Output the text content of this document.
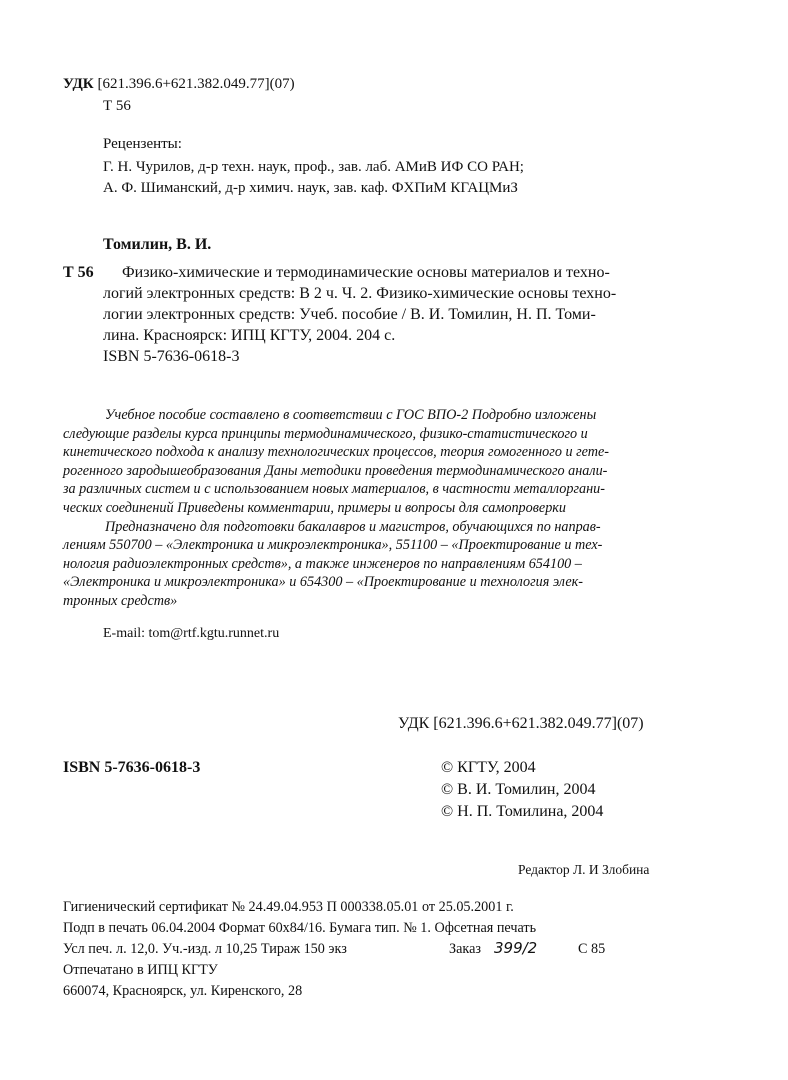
УДК [621.396.6+621.382.049.77](07)
Т 56
Рецензенты:
Г. Н. Чурилов, д-р техн. наук, проф., зав. лаб. АМиВ ИФ СО РАН;
А. Ф. Шиманский, д-р химич. наук, зав. каф. ФХПиМ КГАЦМиЗ
Томилин, В. И.
Т 56 Физико-химические и термодинамические основы материалов и техно-
логий электронных средств: В 2 ч. Ч. 2. Физико-химические основы техно-
логии электронных средств: Учеб. пособие / В. И. Томилин, Н. П. Томи-
лина. Красноярск: ИПЦ КГТУ, 2004. 204 с.
ISBN 5-7636-0618-3
Учебное пособие составлено в соответствии с ГОС ВПО-2 Подробно изложены
следующие разделы курса принципы термодинамического, физико-статистического и
кинетического подхода к анализу технологических процессов, теория гомогенного и гете-
рогенного зародышеобразования Даны методики проведения термодинамического анали-
за различных систем и с использованием новых материалов, в частности металлоргани-
ческих соединений Приведены комментарии, примеры и вопросы для самопроверки
Предназначено для подготовки бакалавров и магистров, обучающихся по направ-
лениям 550700 – «Электроника и микроэлектроника», 551100 – «Проектирование и тех-
нология радиоэлектронных средств», а также инженеров по направлениям 654100 –
«Электроника и микроэлектроника» и 654300 – «Проектирование и технология элек-
тронных средств»
E-mail: tom@rtf.kgtu.runnet.ru
УДК [621.396.6+621.382.049.77](07)
ISBN 5-7636-0618-3	© КГТУ, 2004
© В. И. Томилин, 2004
© Н. П. Томилина, 2004
Редактор Л. И Злобина
Гигиенический сертификат № 24.49.04.953 П 000338.05.01 от 25.05.2001 г.
Подп в печать 06.04.2004 Формат 60х84/16. Бумага тип. № 1. Офсетная печать
Усл печ. л. 12,0. Уч.-изд. л 10,25 Тираж 150 экз	Заказ 399/2	С 85
Отпечатано в ИПЦ КГТУ
660074, Красноярск, ул. Киренского, 28
